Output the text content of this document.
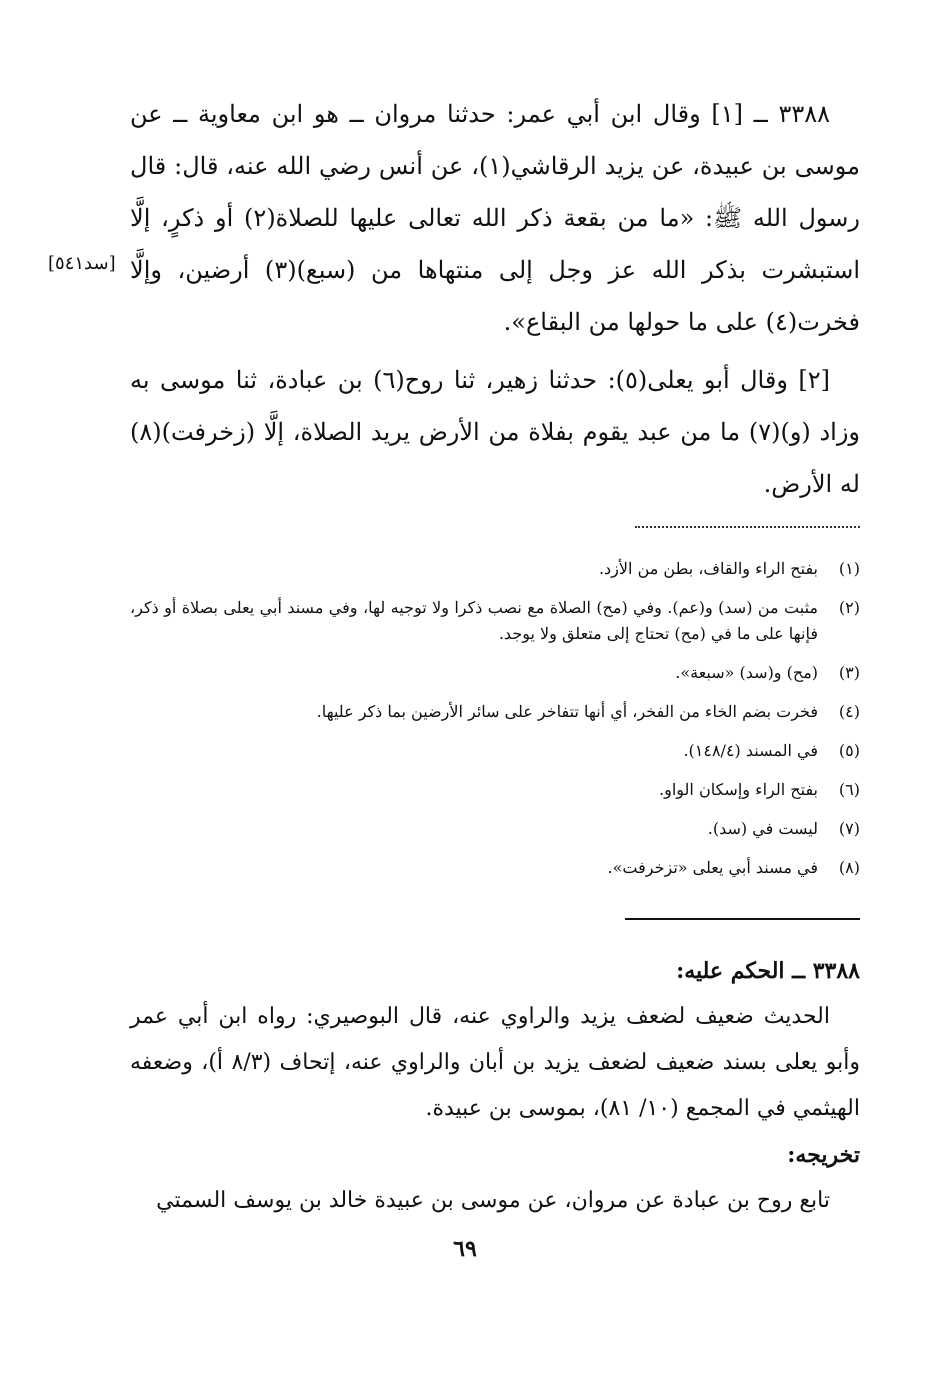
٣٣٨٨ ــ [١] وقال ابن أبي عمر: حدثنا مروان ــ هو ابن معاوية ــ عن موسى بن عبيدة، عن يزيد الرقاشي(١)، عن أنس رضي الله عنه، قال: قال رسول الله ﷺ: «ما من بقعة ذكر الله تعالى عليها للصلاة(٢) أو ذكرٍ، إلَّا استبشرت بذكر الله عز وجل إلى منتهاها من (سبع)(٣) أرضين، وإلَّا فخرت(٤) على ما حولها من البقاع».

[٢] وقال أبو يعلى(٥): حدثنا زهير، ثنا روح(٦) بن عبادة، ثنا موسى به وزاد (و)(٧) ما من عبد يقوم بفلاة من الأرض يريد الصلاة، إلَّا (زخرفت)(٨) له الأرض.

[سد٥٤١]
(١)
بفتح الراء والقاف، بطن من الأزد.
(٢)
مثبت من (سد) و(عم). وفي (مح) الصلاة مع نصب ذكرا ولا توجيه لها، وفي مسند أبي يعلى بصلاة أو ذكر، فإنها على ما في (مح) تحتاج إلى متعلق ولا يوجد.
(٣)
(مح) و(سد) «سبعة».
(٤)
فخرت بضم الخاء من الفخر، أي أنها تتفاخر على سائر الأرضين بما ذكر عليها.
(٥)
في المسند (١٤٨/٤).
(٦)
بفتح الراء وإسكان الواو.
(٧)
ليست في (سد).
(٨)
في مسند أبي يعلى «تزخرفت».

٣٣٨٨ ــ الحكم عليه:

الحديث ضعيف لضعف يزيد والراوي عنه، قال البوصيري: رواه ابن أبي عمر وأبو يعلى بسند ضعيف لضعف يزيد بن أبان والراوي عنه، إتحاف (٨/٣ أ)، وضعفه الهيثمي في المجمع (١٠/ ٨١)، بموسى بن عبيدة.

تخريجه:

تابع روح بن عبادة عن مروان، عن موسى بن عبيدة خالد بن يوسف السمتي

٦٩
